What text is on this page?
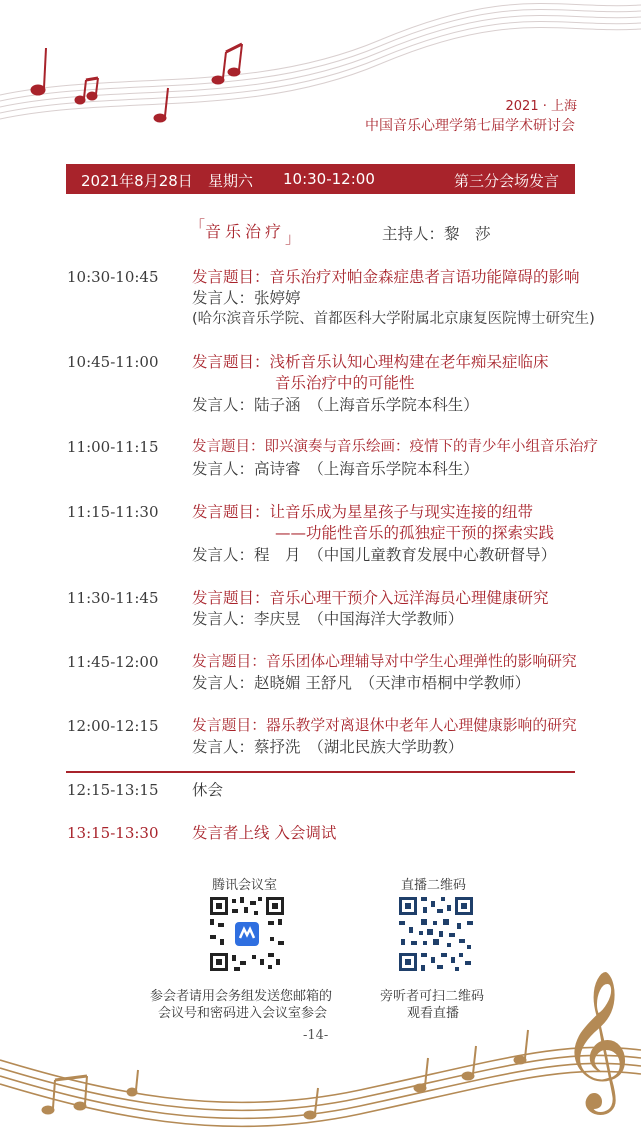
2021 · 上海
中国音乐心理学第七届学术研讨会
2021年8月28日 星期六 10:30-12:00	第三分会场发言
「音乐治疗」	主持人：黎　莎
10:30-10:45 发言题目：音乐治疗对帕金森症患者言语功能障碍的影响
发言人：张婷婷
(哈尔滨音乐学院、首都医科大学附属北京康复医院博士研究生)
10:45-11:00 发言题目：浅析音乐认知心理构建在老年痴呆症临床
音乐治疗中的可能性
发言人：陆子涵　（上海音乐学院本科生）
11:00-11:15 发言题目：即兴演奏与音乐绘画：疫情下的青少年小组音乐治疗
发言人：高诗睿　（上海音乐学院本科生）
11:15-11:30 发言题目：让音乐成为星星孩子与现实连接的纽带
——功能性音乐的孤独症干预的探索实践
发言人：程　月　（中国儿童教育发展中心教研督导）
11:30-11:45 发言题目：音乐心理干预介入远洋海员心理健康研究
发言人：李庆昱　（中国海洋大学教师）
11:45-12:00 发言题目：音乐团体心理辅导对中学生心理弹性的影响研究
发言人：赵晓媚 王舒凡　（天津市梧桐中学教师）
12:00-12:15 发言题目：器乐教学对离退休中老年人心理健康影响的研究
发言人：蔡抒洗　（湖北民族大学助教）
12:15-13:15 休会
13:15-13:30 发言者上线 入会调试
腾讯会议室
参会者请用会务组发送您邮箱的
会议号和密码进入会议室参会
直播二维码
旁听者可扫二维码
观看直播
-14- 𝄞
